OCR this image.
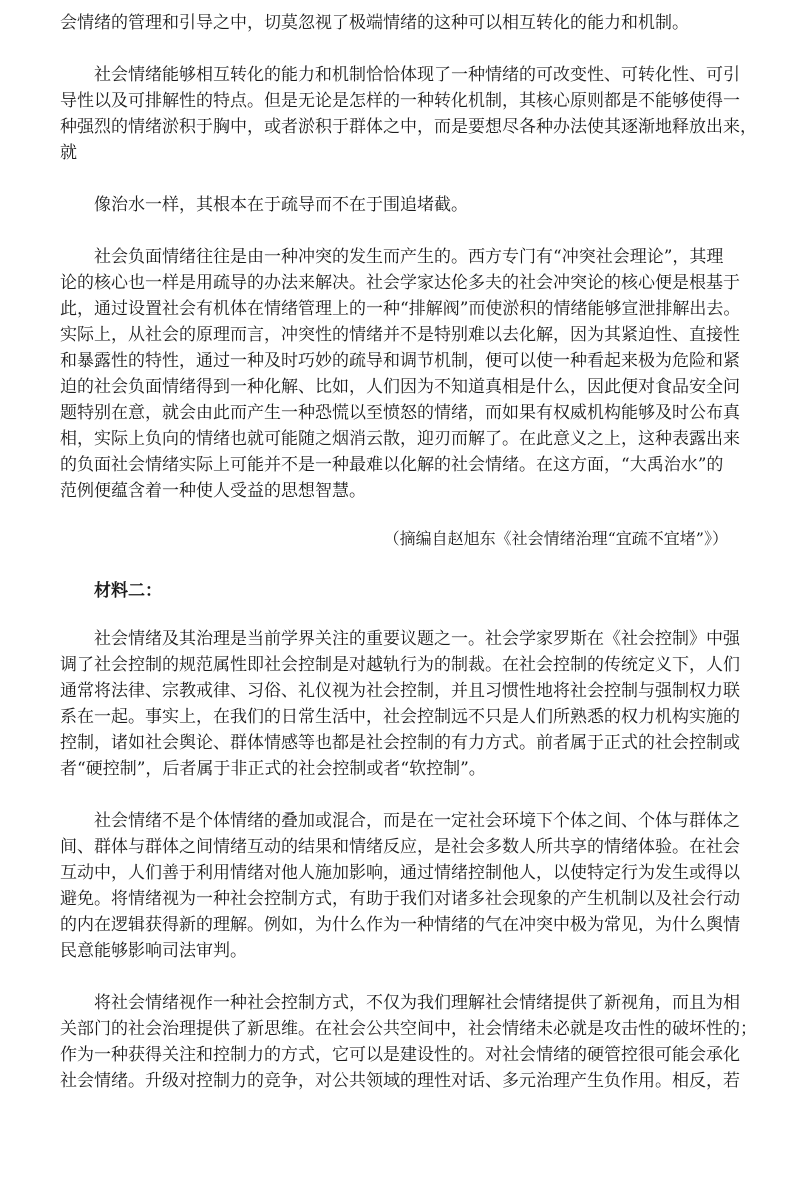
会情绪的管理和引导之中，切莫忽视了极端情绪的这种可以相互转化的能力和机制。
社会情绪能够相互转化的能力和机制恰恰体现了一种情绪的可改变性、可转化性、可引
导性以及可排解性的特点。但是无论是怎样的一种转化机制，其核心原则都是不能够使得一
种强烈的情绪淤积于胸中，或者淤积于群体之中，而是要想尽各种办法使其逐渐地释放出来，
就
像治水一样，其根本在于疏导而不在于围追堵截。
社会负面情绪往往是由一种冲突的发生而产生的。西方专门有“冲突社会理论”，其理
论的核心也一样是用疏导的办法来解决。社会学家达伦多夫的社会冲突论的核心便是根基于
此，通过设置社会有机体在情绪管理上的一种“排解阀”而使淤积的情绪能够宣泄排解出去。
实际上，从社会的原理而言，冲突性的情绪并不是特别难以去化解，因为其紧迫性、直接性
和暴露性的特性，通过一种及时巧妙的疏导和调节机制，便可以使一种看起来极为危险和紧
迫的社会负面情绪得到一种化解、比如，人们因为不知道真相是什么，因此便对食品安全问
题特别在意，就会由此而产生一种恐慌以至愤怒的情绪，而如果有权威机构能够及时公布真
相，实际上负向的情绪也就可能随之烟消云散，迎刃而解了。在此意义之上，这种表露出来
的负面社会情绪实际上可能并不是一种最难以化解的社会情绪。在这方面，“大禹治水”的
范例便蕴含着一种使人受益的思想智慧。
（摘编自赵旭东《社会情绪治理“宜疏不宜堵”》）
材料二：
社会情绪及其治理是当前学界关注的重要议题之一。社会学家罗斯在《社会控制》中强
调了社会控制的规范属性即社会控制是对越轨行为的制裁。在社会控制的传统定义下，人们
通常将法律、宗教戒律、习俗、礼仪视为社会控制，并且习惯性地将社会控制与强制权力联
系在一起。事实上，在我们的日常生活中，社会控制远不只是人们所熟悉的权力机构实施的
控制，诸如社会舆论、群体情感等也都是社会控制的有力方式。前者属于正式的社会控制或
者“硬控制”，后者属于非正式的社会控制或者“软控制”。
社会情绪不是个体情绪的叠加或混合，而是在一定社会环境下个体之间、个体与群体之
间、群体与群体之间情绪互动的结果和情绪反应，是社会多数人所共享的情绪体验。在社会
互动中，人们善于利用情绪对他人施加影响，通过情绪控制他人，以使特定行为发生或得以
避免。将情绪视为一种社会控制方式，有助于我们对诸多社会现象的产生机制以及社会行动
的内在逻辑获得新的理解。例如，为什么作为一种情绪的气在冲突中极为常见，为什么舆情
民意能够影响司法审判。
将社会情绪视作一种社会控制方式，不仅为我们理解社会情绪提供了新视角，而且为相
关部门的社会治理提供了新思维。在社会公共空间中，社会情绪未必就是攻击性的破坏性的；
作为一种获得关注和控制力的方式，它可以是建设性的。对社会情绪的硬管控很可能会承化
社会情绪。升级对控制力的竞争，对公共领域的理性对话、多元治理产生负作用。相反，若
